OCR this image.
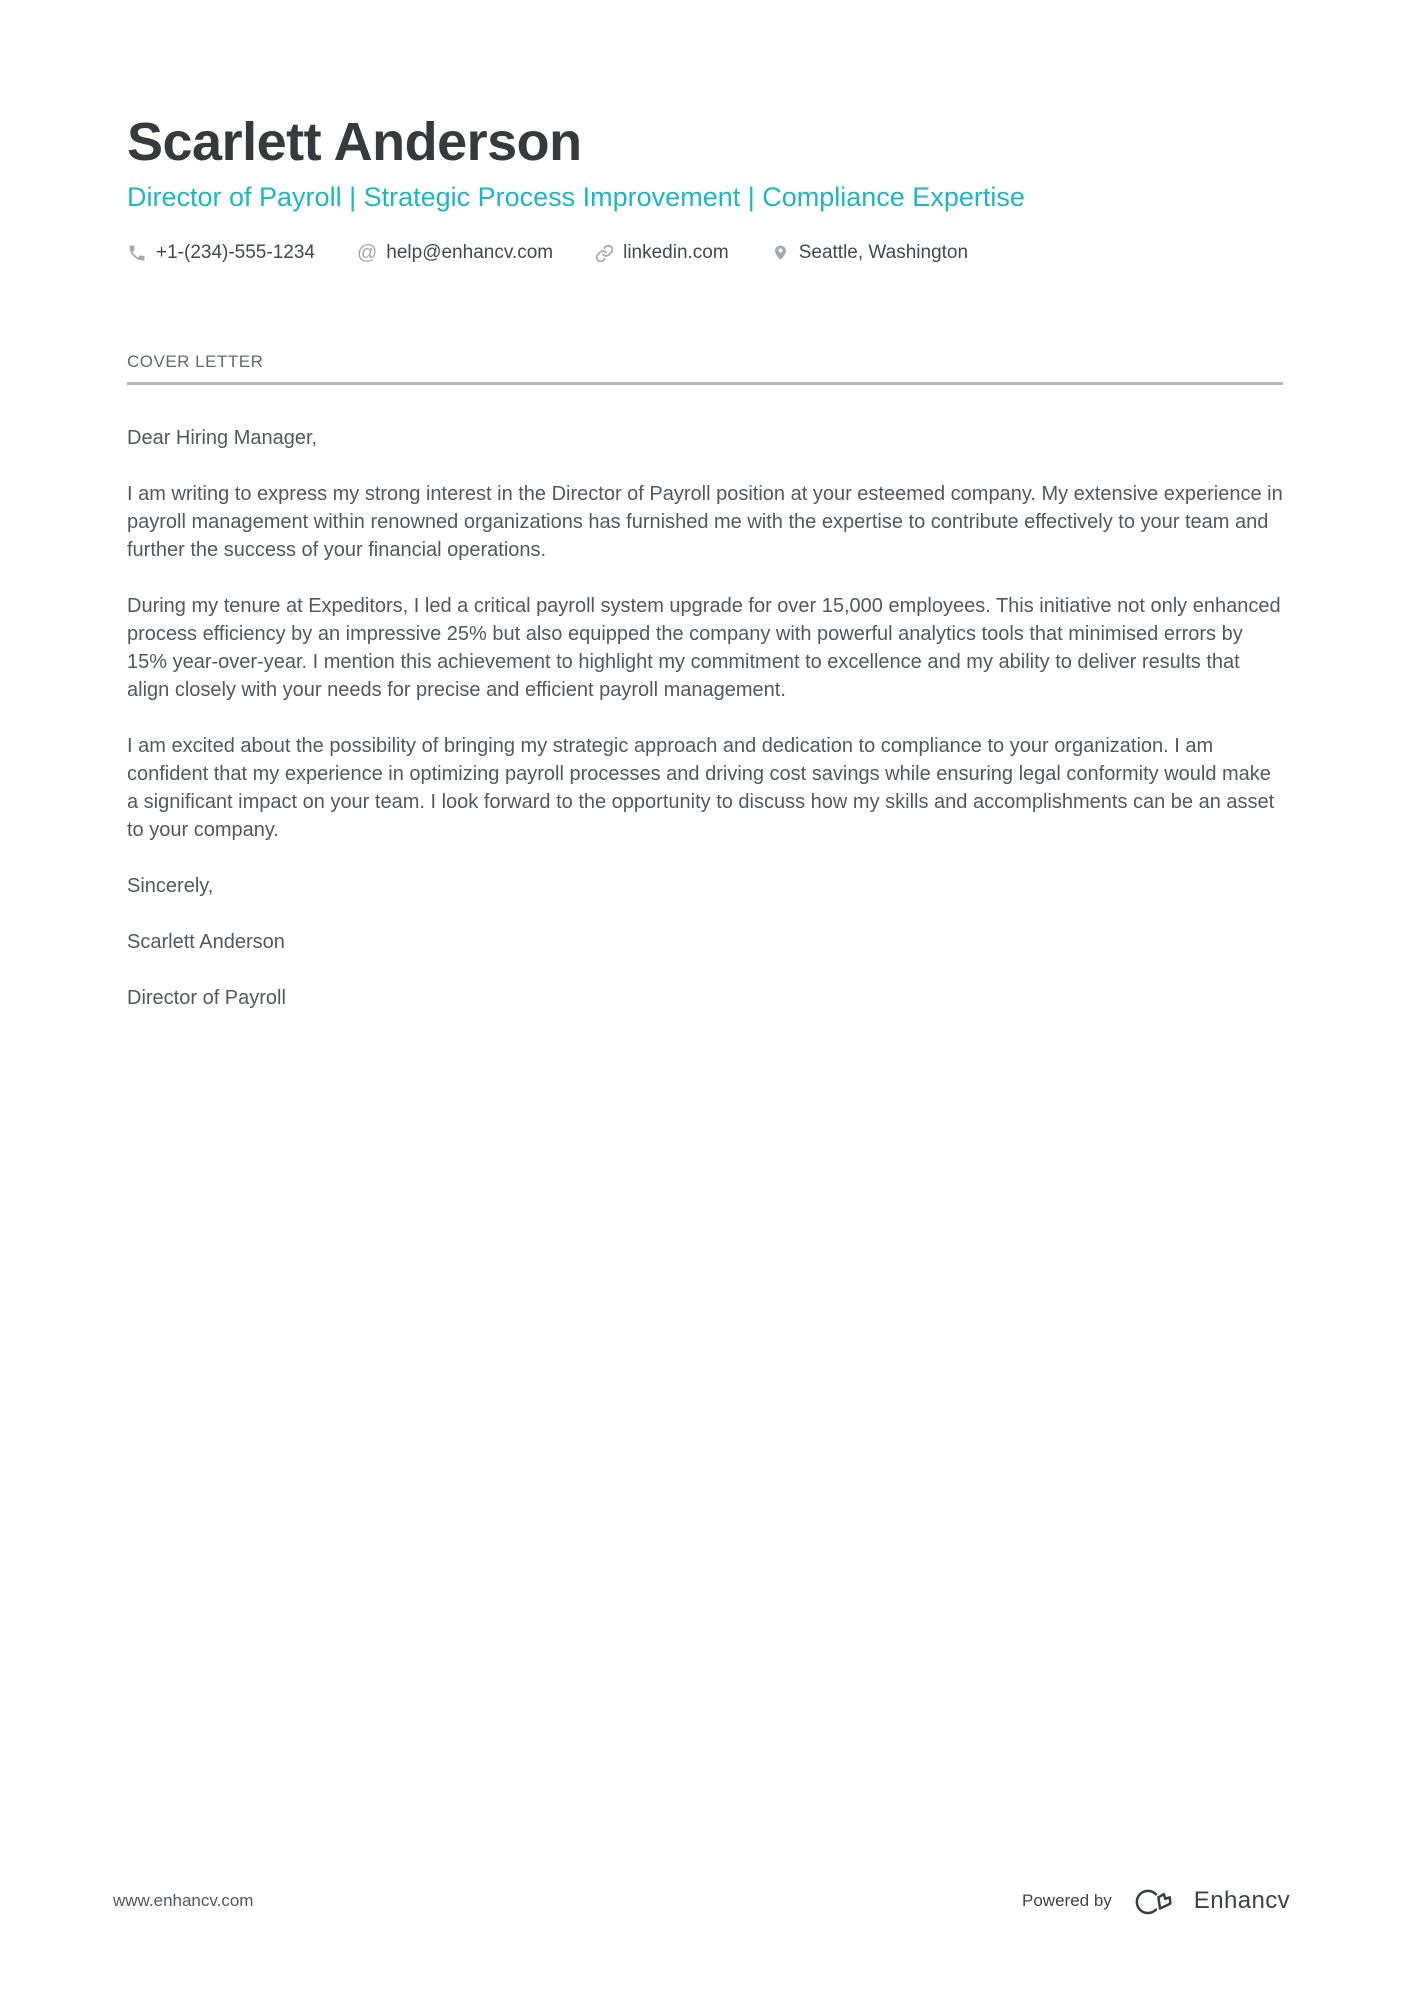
Scarlett Anderson
Director of Payroll | Strategic Process Improvement | Compliance Expertise
+1-(234)-555-1234 @ help@enhancv.com	linkedin.com	Seattle, Washington
COVER LETTER

Dear Hiring Manager,

I am writing to express my strong interest in the Director of Payroll position at your esteemed company. My extensive experience in payroll management within renowned organizations has furnished me with the expertise to contribute effectively to your team and further the success of your financial operations.

During my tenure at Expeditors, I led a critical payroll system upgrade for over 15,000 employees. This initiative not only enhanced process efficiency by an impressive 25% but also equipped the company with powerful analytics tools that minimised errors by 15% year-over-year. I mention this achievement to highlight my commitment to excellence and my ability to deliver results that align closely with your needs for precise and efficient payroll management.

I am excited about the possibility of bringing my strategic approach and dedication to compliance to your organization. I am confident that my experience in optimizing payroll processes and driving cost savings while ensuring legal conformity would make a significant impact on your team. I look forward to the opportunity to discuss how my skills and accomplishments can be an asset to your company.

Sincerely,

Scarlett Anderson

Director of Payroll

www.enhancv.com	Powered by	Enhancv
